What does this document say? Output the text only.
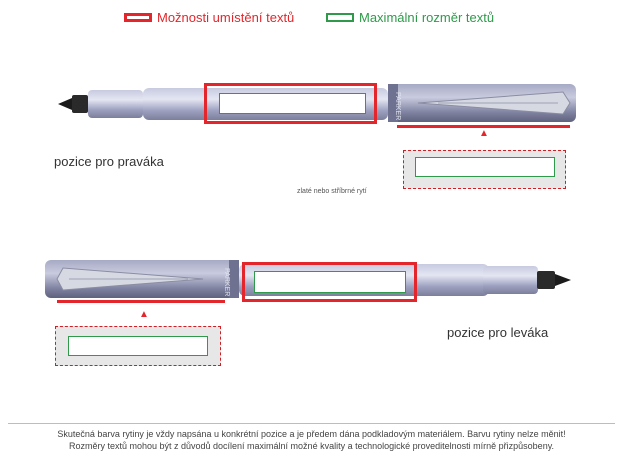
Možnosti umístění textů	Maximální rozměr textů
PARKER
▲
pozice pro praváka
zlaté nebo stříbrné rytí
PARKER
▲
pozice pro leváka
Skutečná barva rytiny je vždy napsána u konkrétní pozice a je předem dána podkladovým materiálem. Barvu rytiny nelze měnit!
Rozměry textů mohou být z důvodů docílení maximální možné kvality a technologické proveditelnosti mírně přizpůsobeny.
